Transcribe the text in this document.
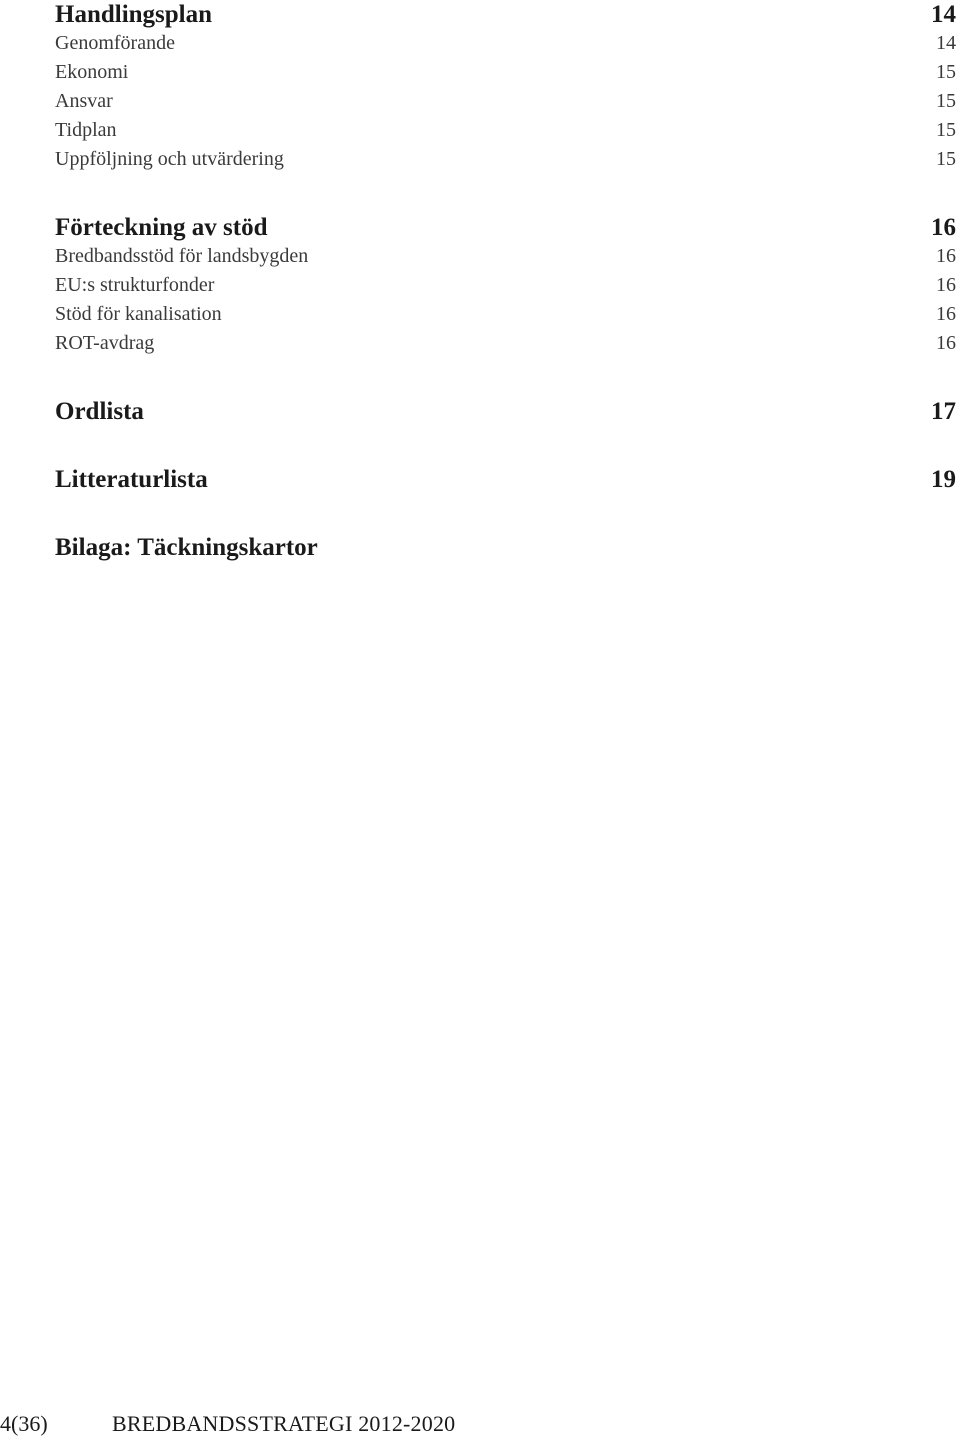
Handlingsplan	14
Genomförande	14
Ekonomi	15
Ansvar	15
Tidplan	15
Uppföljning och utvärdering	15
Förteckning av stöd	16
Bredbandsstöd för landsbygden	16
EU:s strukturfonder	16
Stöd för kanalisation	16
ROT-avdrag	16
Ordlista	17
Litteraturlista	19
Bilaga: Täckningskartor
4(36)	BREDBANDSSTRATEGI 2012-2020
